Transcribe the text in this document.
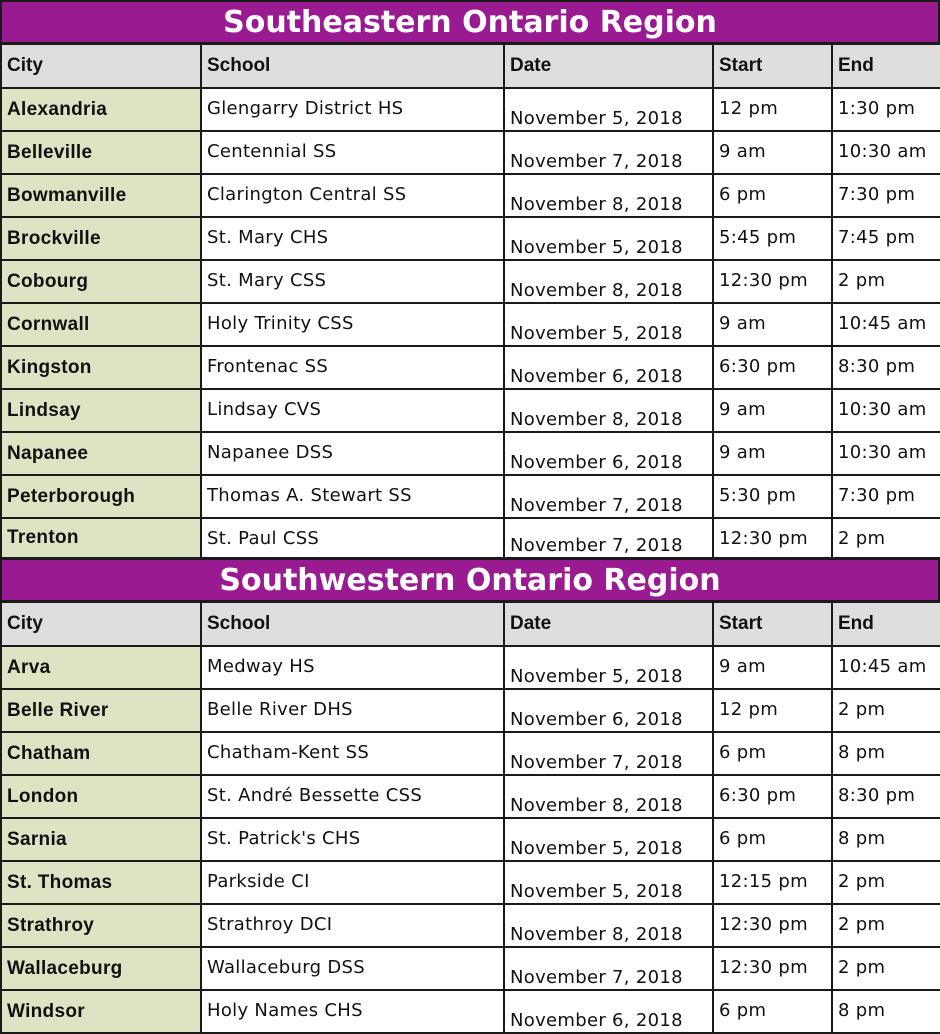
Southeastern Ontario Region
City	School	Date	Start	End
Alexandria	Glengarry District HS	November 5, 2018	12 pm	1:30 pm
Belleville	Centennial SS	November 7, 2018	9 am	10:30 am
Bowmanville	Clarington Central SS	November 8, 2018	6 pm	7:30 pm
Brockville	St. Mary CHS	November 5, 2018	5:45 pm	7:45 pm
Cobourg	St. Mary CSS	November 8, 2018	12:30 pm	2 pm
Cornwall	Holy Trinity CSS	November 5, 2018	9 am	10:45 am
Kingston	Frontenac SS	November 6, 2018	6:30 pm	8:30 pm
Lindsay	Lindsay CVS	November 8, 2018	9 am	10:30 am
Napanee	Napanee DSS	November 6, 2018	9 am	10:30 am
Peterborough	Thomas A. Stewart SS	November 7, 2018	5:30 pm	7:30 pm
Trenton	St. Paul CSS	November 7, 2018	12:30 pm	2 pm
Southwestern Ontario Region
City	School	Date	Start	End
Arva	Medway HS	November 5, 2018	9 am	10:45 am
Belle River	Belle River DHS	November 6, 2018	12 pm	2 pm
Chatham	Chatham-Kent SS	November 7, 2018	6 pm	8 pm
London	St. André Bessette CSS	November 8, 2018	6:30 pm	8:30 pm
Sarnia	St. Patrick's CHS	November 5, 2018	6 pm	8 pm
St. Thomas	Parkside CI	November 5, 2018	12:15 pm	2 pm
Strathroy	Strathroy DCI	November 8, 2018	12:30 pm	2 pm
Wallaceburg	Wallaceburg DSS	November 7, 2018	12:30 pm	2 pm
Windsor	Holy Names CHS	November 6, 2018	6 pm	8 pm
